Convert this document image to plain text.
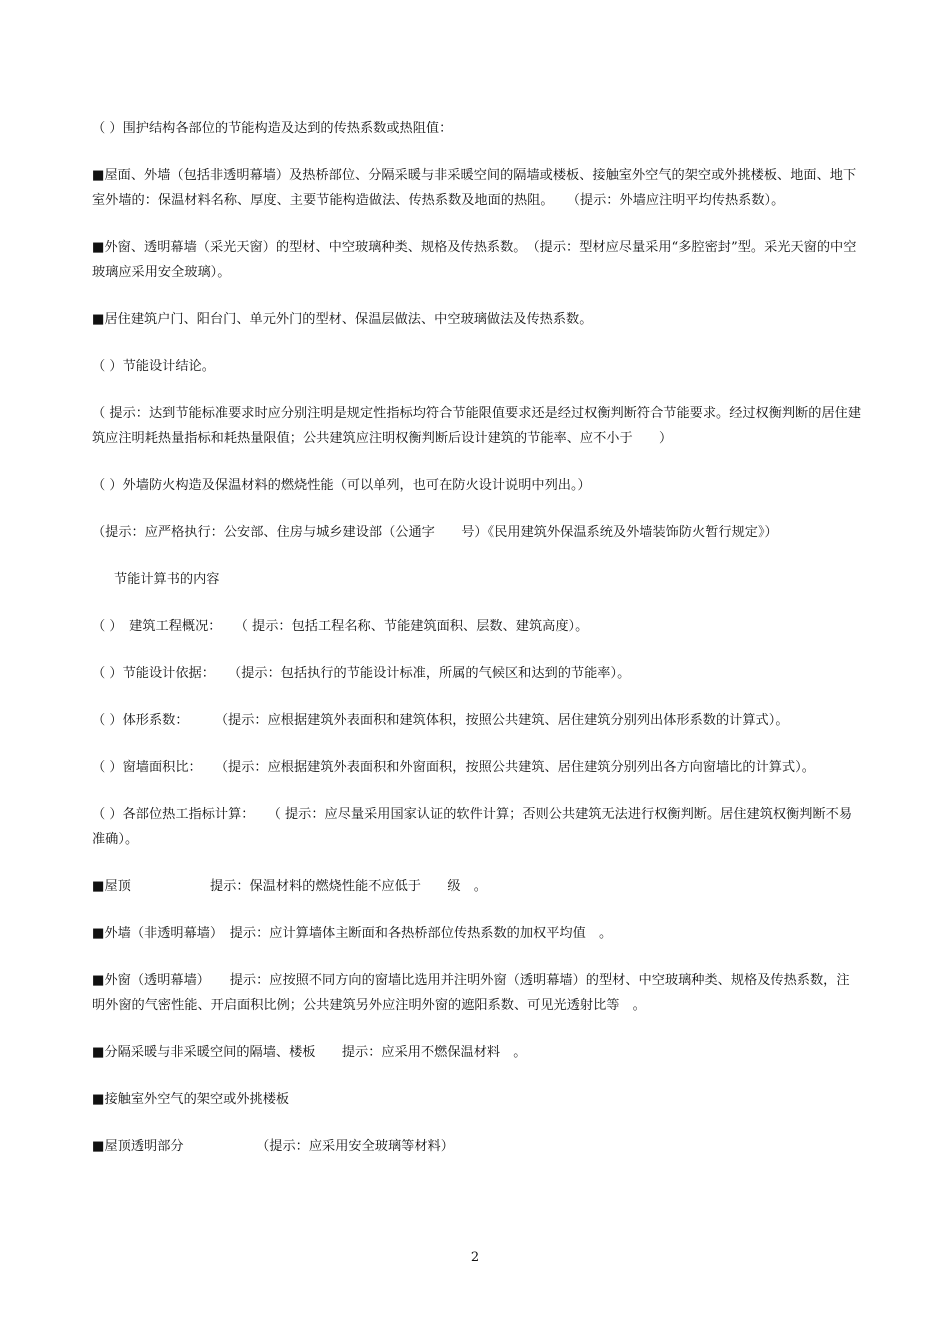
（ ）围护结构各部位的节能构造及达到的传热系数或热阻值：

■屋面、外墙（包括非透明幕墙）及热桥部位、分隔采暖与非采暖空间的隔墙或楼板、接触室外空气的架空或外挑楼板、地面、地下室外墙的：保温材料名称、厚度、主要节能构造做法、传热系数及地面的热阻。　　（提示：外墙应注明平均传热系数）。

■外窗、透明幕墙（采光天窗）的型材、中空玻璃种类、规格及传热系数。　（提示：型材应尽量采用“多腔密封”型。采光天窗的中空玻璃应采用安全玻璃）。

■居住建筑户门、阳台门、单元外门的型材、保温层做法、中空玻璃做法及传热系数。

（ ）节能设计结论。

（ 提示：达到节能标准要求时应分别注明是规定性指标均符合节能限值要求还是经过权衡判断符合节能要求。经过权衡判断的居住建筑应注明耗热量指标和耗热量限值；公共建筑应注明权衡判断后设计建筑的节能率、应不小于　　）

（ ）外墙防火构造及保温材料的燃烧性能（可以单列，也可在防火设计说明中列出。）

（提示：应严格执行：公安部、住房与城乡建设部（公通字　　号）《民用建筑外保温系统及外墙装饰防火暂行规定》）

节能计算书的内容

（ ）　建筑工程概况：　　（ 提示：包括工程名称、节能建筑面积、层数、建筑高度）。

（ ）节能设计依据：　　（提示：包括执行的节能设计标准，所属的气候区和达到的节能率）。

（ ）体形系数：　　　（提示：应根据建筑外表面积和建筑体积，按照公共建筑、居住建筑分别列出体形系数的计算式）。

（ ）窗墙面积比：　　（提示：应根据建筑外表面积和外窗面积，按照公共建筑、居住建筑分别列出各方向窗墙比的计算式）。

（ ）各部位热工指标计算：　　（ 提示：应尽量采用国家认证的软件计算；否则公共建筑无法进行权衡判断。居住建筑权衡判断不易准确）。

■屋顶　　　　　　提示：保温材料的燃烧性能不应低于　　级　。

■外墙（非透明幕墙）　提示：应计算墙体主断面和各热桥部位传热系数的加权平均值　。

■外窗（透明幕墙）　　提示：应按照不同方向的窗墙比选用并注明外窗（透明幕墙）的型材、中空玻璃种类、规格及传热系数，注明外窗的气密性能、开启面积比例；公共建筑另外应注明外窗的遮阳系数、可见光透射比等　。

■分隔采暖与非采暖空间的隔墙、楼板　　提示：应采用不燃保温材料　。

■接触室外空气的架空或外挑楼板

■屋顶透明部分　　　　　　（提示：应采用安全玻璃等材料）

2
